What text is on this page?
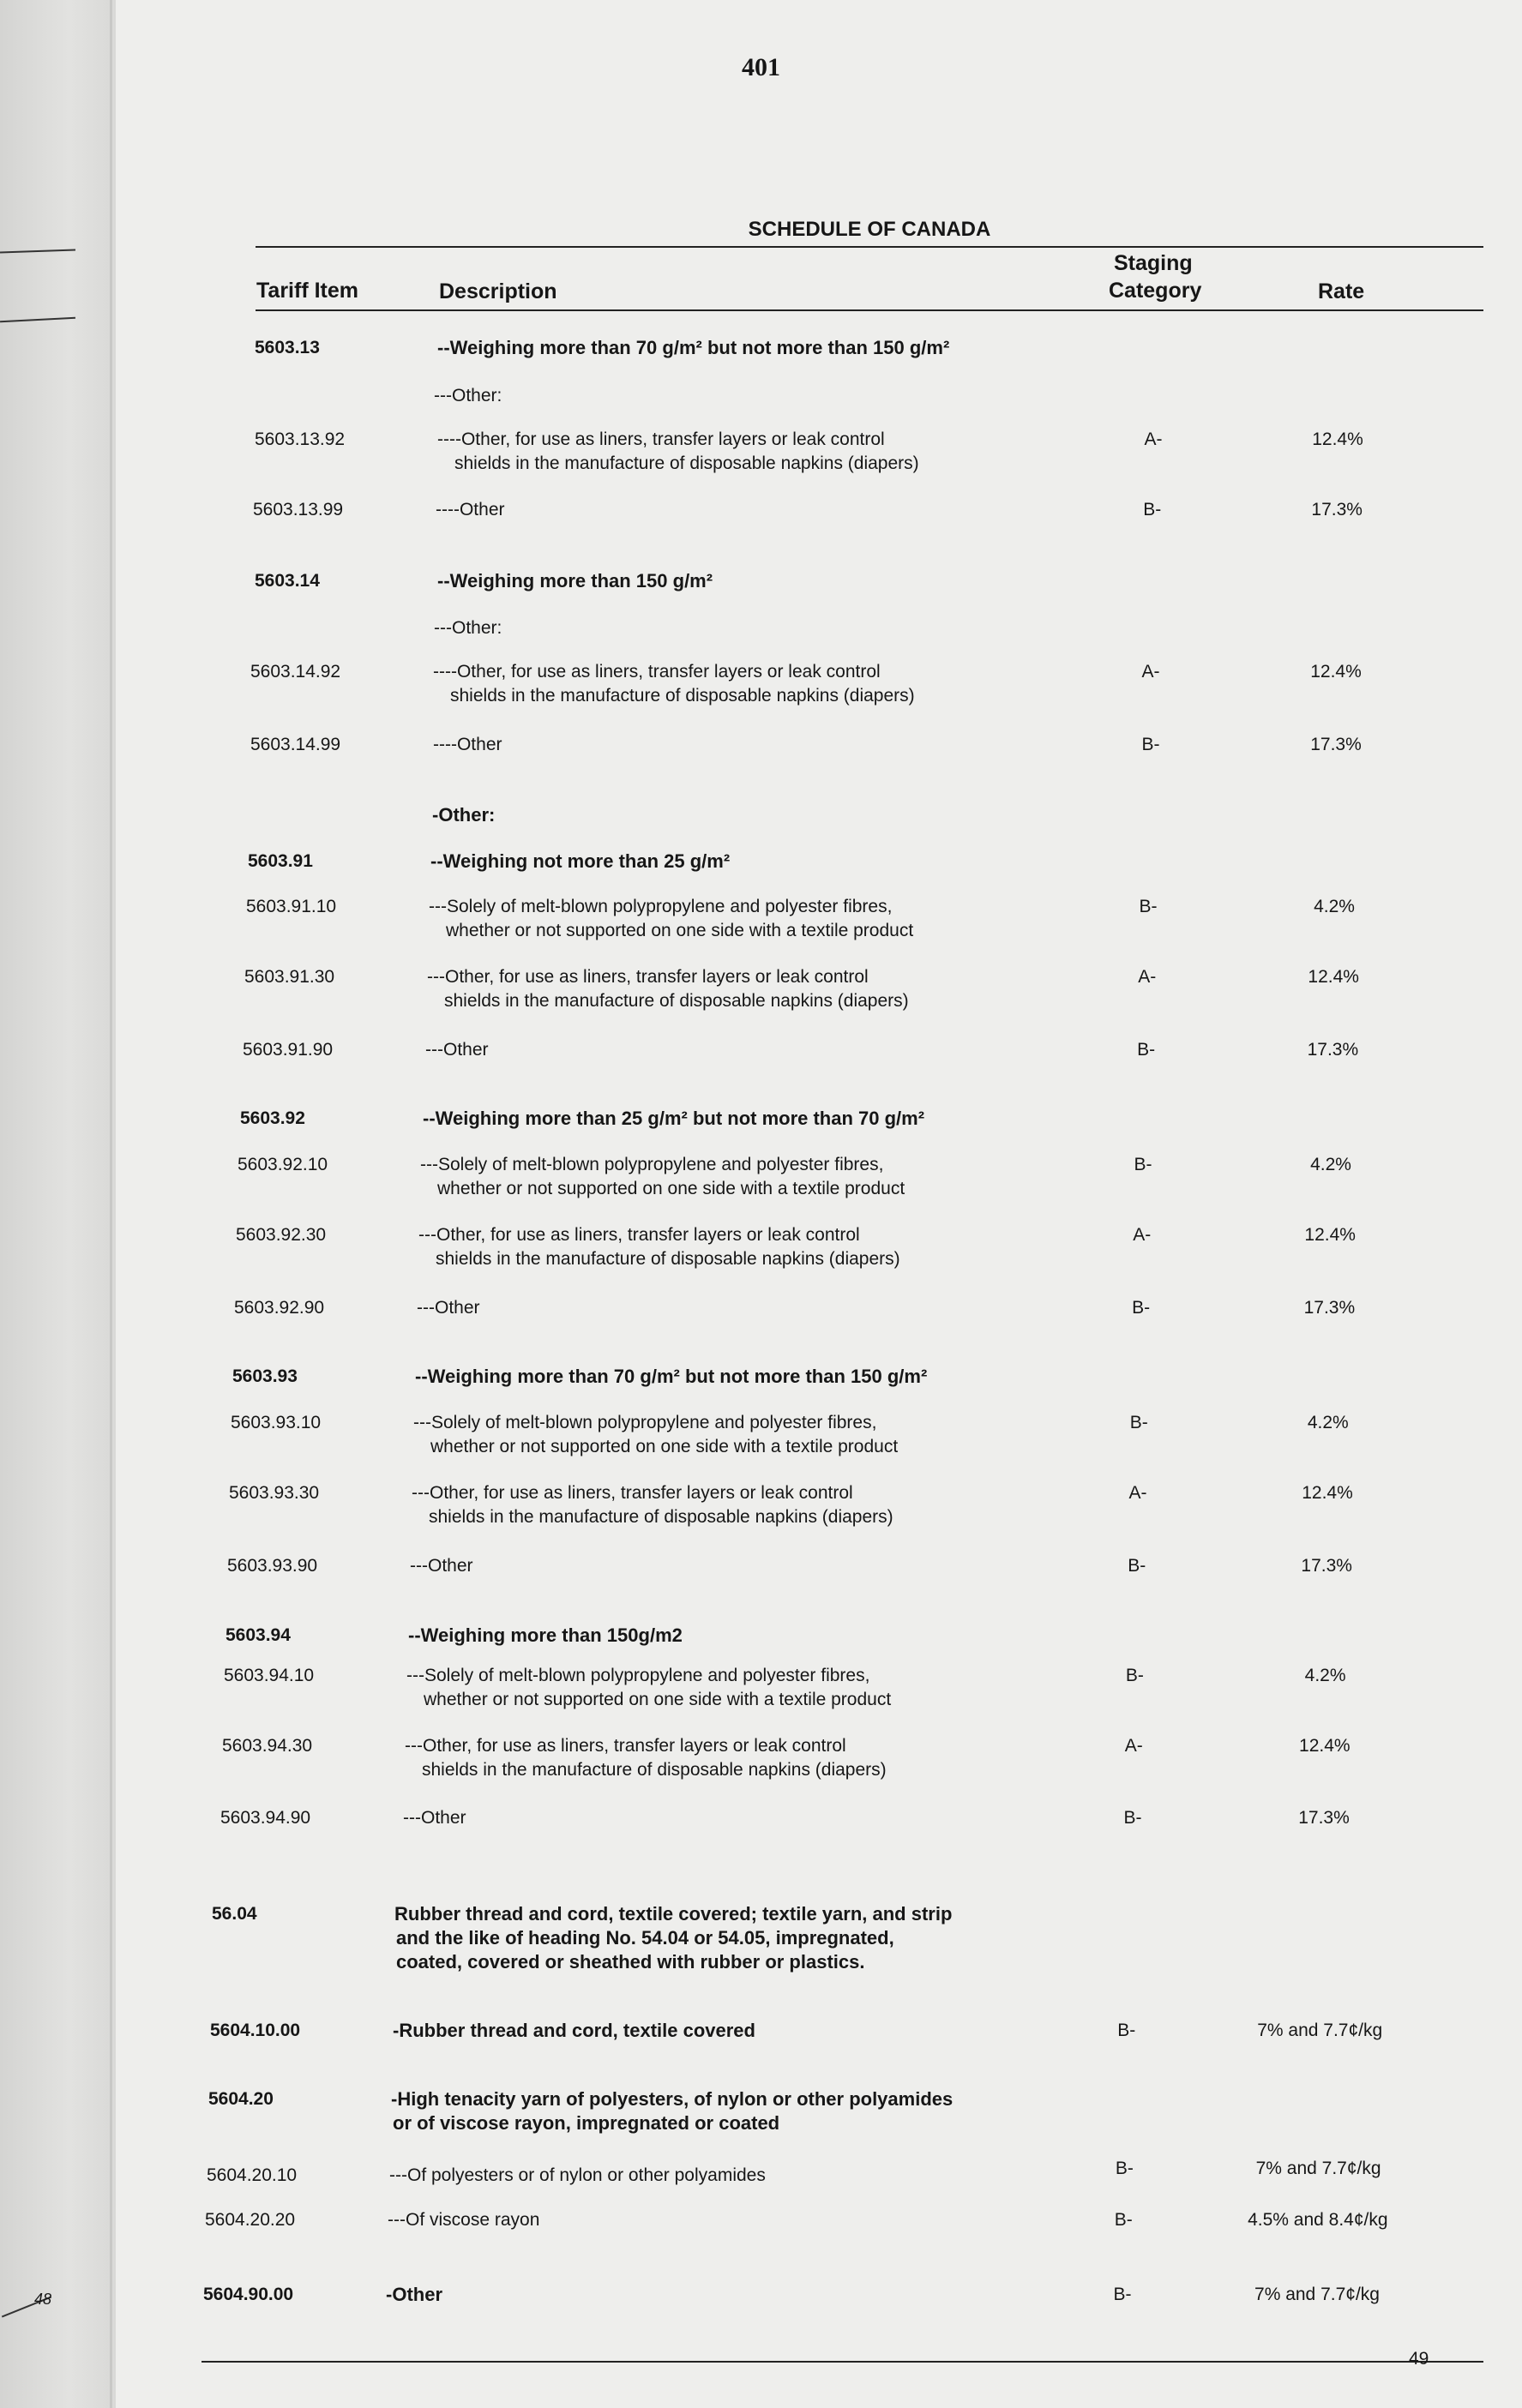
48
401
SCHEDULE OF CANADA
Tariff Item	Description
Staging
Category	Rate
5603.13	--Weighing more than 70 g/m² but not more than 150 g/m²
---Other:
5603.13.92	----Other, for use as liners, transfer layers or leak control
shields in the manufacture of disposable napkins (diapers)
A-	12.4%
5603.13.99	----Other	B-	17.3%
5603.14	--Weighing more than 150 g/m²
---Other:
5603.14.92	----Other, for use as liners, transfer layers or leak control
shields in the manufacture of disposable napkins (diapers)
A-	12.4%
5603.14.99	----Other	B-	17.3%
-Other:
5603.91	--Weighing not more than 25 g/m²
5603.91.10	---Solely of melt-blown polypropylene and polyester fibres,
whether or not supported on one side with a textile product
B-	4.2%
5603.91.30	---Other, for use as liners, transfer layers or leak control
shields in the manufacture of disposable napkins (diapers)
A-	12.4%
5603.91.90	---Other	B-	17.3%
5603.92	--Weighing more than 25 g/m² but not more than 70 g/m²
5603.92.10	---Solely of melt-blown polypropylene and polyester fibres,
whether or not supported on one side with a textile product
B-	4.2%
5603.92.30	---Other, for use as liners, transfer layers or leak control
shields in the manufacture of disposable napkins (diapers)
A-	12.4%
5603.92.90	---Other	B-	17.3%
5603.93	--Weighing more than 70 g/m² but not more than 150 g/m²
5603.93.10	---Solely of melt-blown polypropylene and polyester fibres,
whether or not supported on one side with a textile product
B-	4.2%
5603.93.30	---Other, for use as liners, transfer layers or leak control
shields in the manufacture of disposable napkins (diapers)
A-	12.4%
5603.93.90	---Other	B-	17.3%
5603.94	--Weighing more than 150g/m2
5603.94.10	---Solely of melt-blown polypropylene and polyester fibres,
whether or not supported on one side with a textile product
B-	4.2%
5603.94.30	---Other, for use as liners, transfer layers or leak control
shields in the manufacture of disposable napkins (diapers)
A-	12.4%
5603.94.90	---Other	B-	17.3%
56.04	Rubber thread and cord, textile covered; textile yarn, and strip
and the like of heading No. 54.04 or 54.05, impregnated,
coated, covered or sheathed with rubber or plastics.
5604.10.00	-Rubber thread and cord, textile covered	B-	7% and 7.7¢/kg
5604.20	-High tenacity yarn of polyesters, of nylon or other polyamides
or of viscose rayon, impregnated or coated
5604.20.10	---Of polyesters or of nylon or other polyamides	B-	7% and 7.7¢/kg
5604.20.20	---Of viscose rayon	B-	4.5% and 8.4¢/kg
5604.90.00	-Other	B-	7% and 7.7¢/kg
49
